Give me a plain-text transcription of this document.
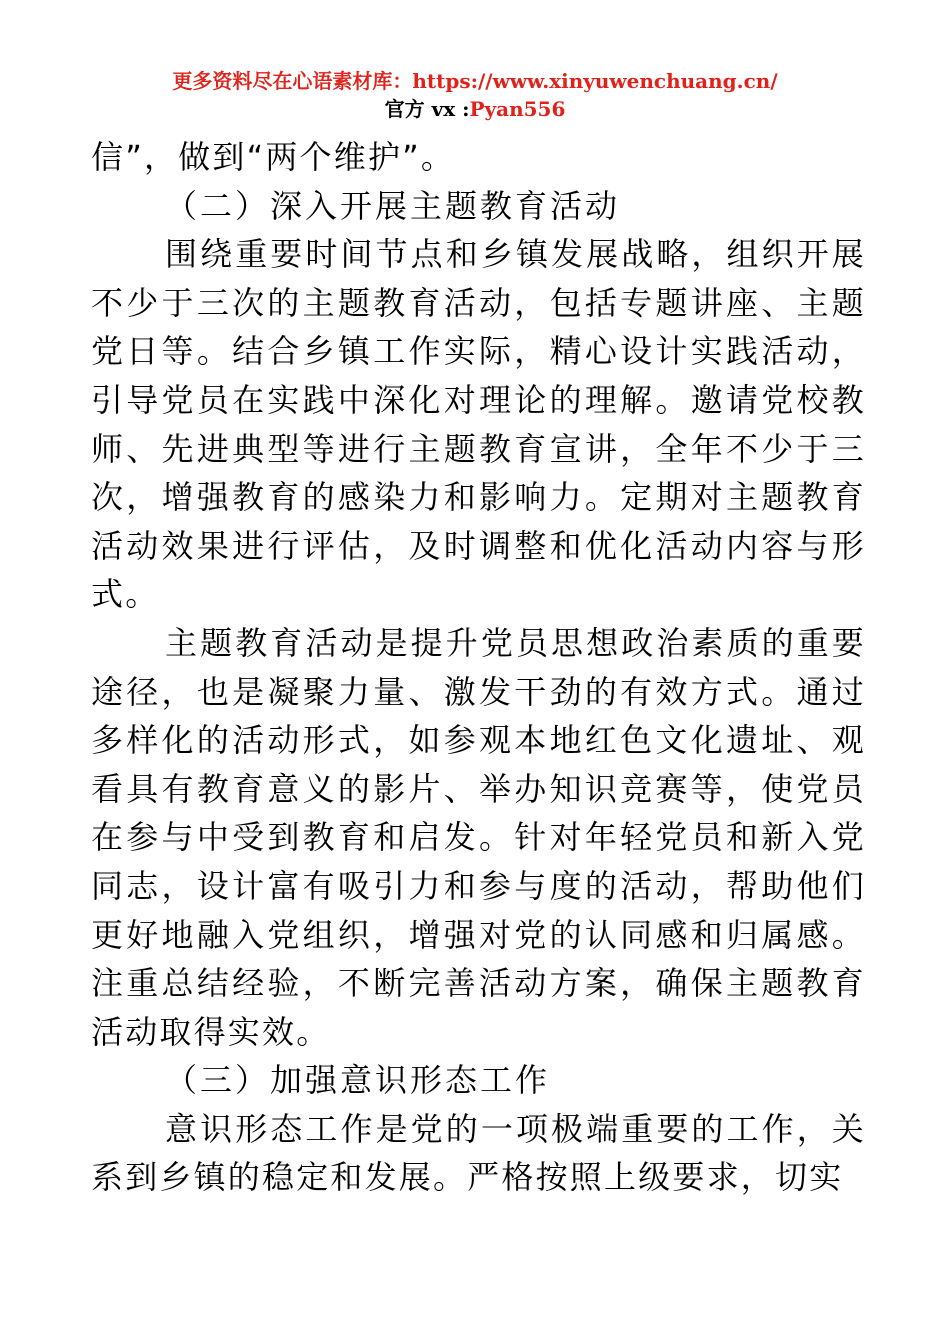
更多资料尽在心语素材库：https://www.xinyuwenchuang.cn/
官方 vx :Pyan556

信”，做到“两个维护”。

（二）深入开展主题教育活动

围绕重要时间节点和乡镇发展战略，组织开展不少于三次的主题教育活动，包括专题讲座、主题党日等。结合乡镇工作实际，精心设计实践活动，引导党员在实践中深化对理论的理解。邀请党校教师、先进典型等进行主题教育宣讲，全年不少于三次，增强教育的感染力和影响力。定期对主题教育活动效果进行评估，及时调整和优化活动内容与形式。

主题教育活动是提升党员思想政治素质的重要途径，也是凝聚力量、激发干劲的有效方式。通过多样化的活动形式，如参观本地红色文化遗址、观看具有教育意义的影片、举办知识竞赛等，使党员在参与中受到教育和启发。针对年轻党员和新入党同志，设计富有吸引力和参与度的活动，帮助他们更好地融入党组织，增强对党的认同感和归属感。注重总结经验，不断完善活动方案，确保主题教育活动取得实效。

（三）加强意识形态工作

意识形态工作是党的一项极端重要的工作，关系到乡镇的稳定和发展。严格按照上级要求，切实
